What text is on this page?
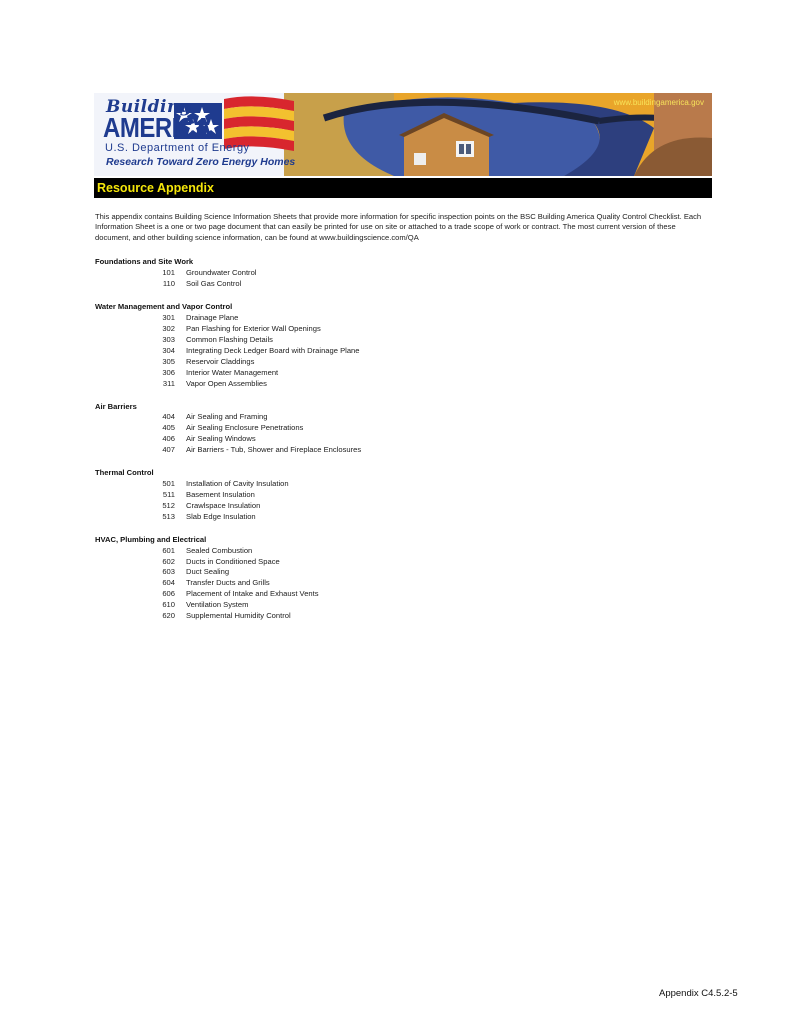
Building
AMERICA
U.S. Department of Energy
Research Toward Zero Energy Homes
www.buildingamerica.gov
Resource Appendix
This appendix contains Building Science Information Sheets that provide more information for specific inspection points on the BSC Building America Quality Control Checklist. Each Information Sheet is a one or two page document that can easily be printed for use on site or attached to a trade scope of work or contract. The most current version of these document, and other building science information, can be found at www.buildingscience.com/QA
Foundations and Site Work
101 Groundwater Control
110 Soil Gas Control
Water Management and Vapor Control
301 Drainage Plane
302 Pan Flashing for Exterior Wall Openings
303 Common Flashing Details
304 Integrating Deck Ledger Board with Drainage Plane
305 Reservoir Claddings
306 Interior Water Management
311 Vapor Open Assemblies
Air Barriers
404 Air Sealing and Framing
405 Air Sealing Enclosure Penetrations
406 Air Sealing Windows
407 Air Barriers - Tub, Shower and Fireplace Enclosures
Thermal Control
501 Installation of Cavity Insulation
511 Basement Insulation
512 Crawlspace Insulation
513 Slab Edge Insulation
HVAC, Plumbing and Electrical
601 Sealed Combustion
602 Ducts in Conditioned Space
603 Duct Sealing
604 Transfer Ducts and Grills
606 Placement of Intake and Exhaust Vents
610 Ventilation System
620 Supplemental Humidity Control
Appendix C4.5.2-5
